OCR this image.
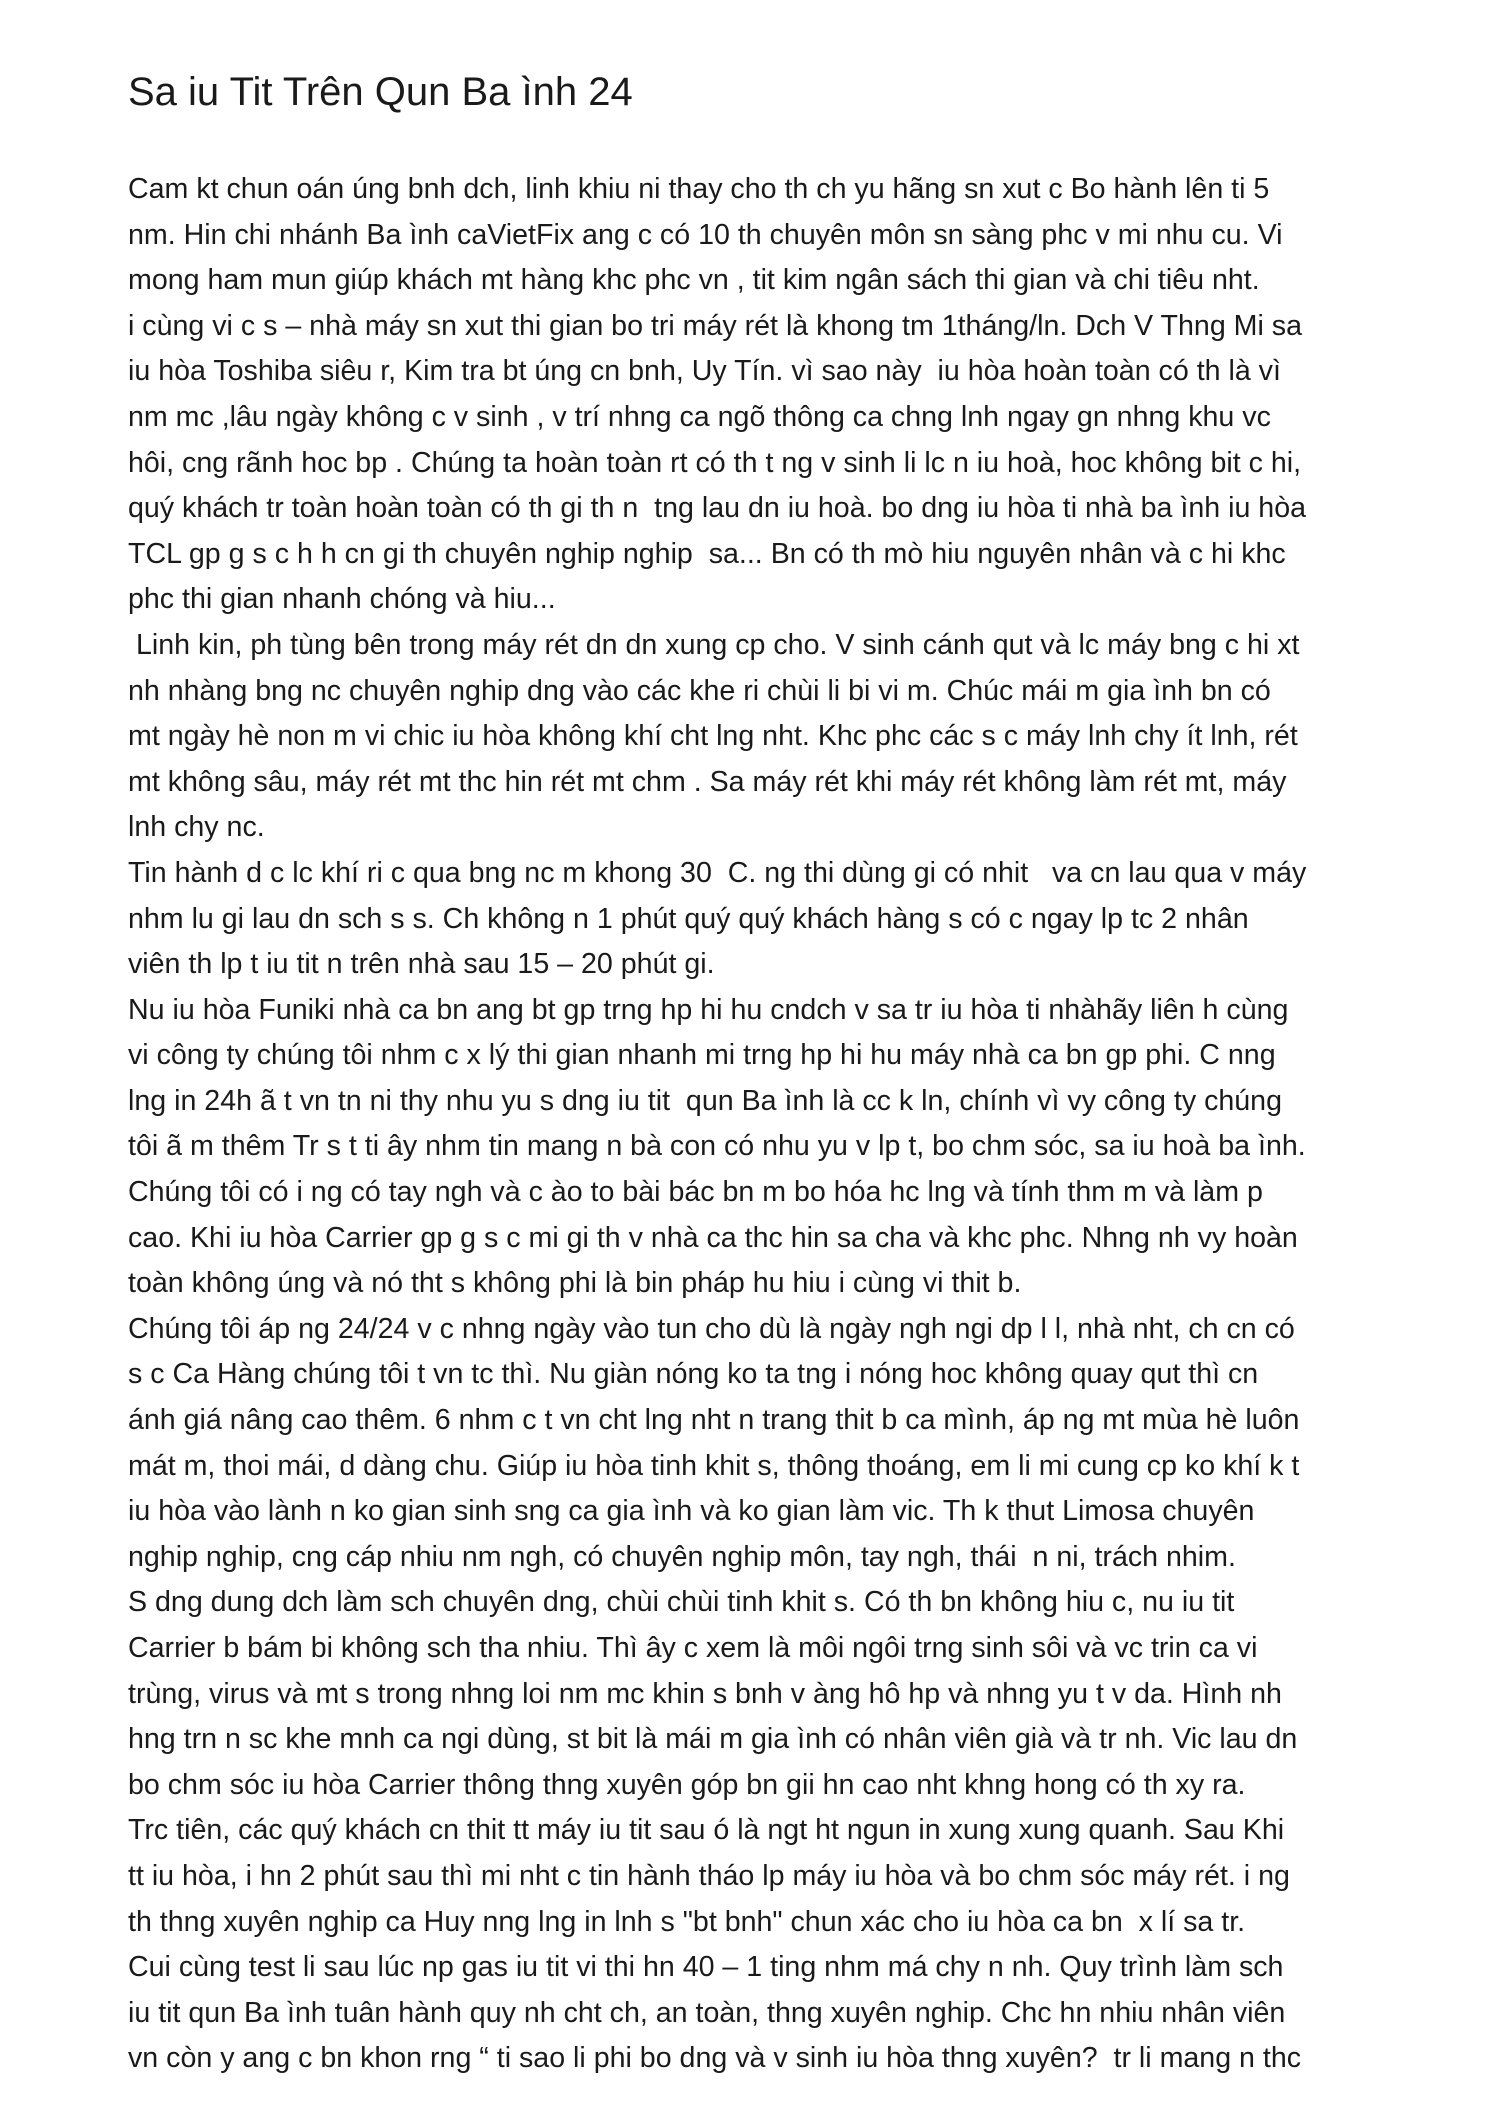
Sa iu Tit Trên Qun Ba ình 24
Cam kt chun oán úng bnh dch, linh khiu ni thay cho th ch yu hãng sn xut c Bo hành lên ti 5
nm. Hin chi nhánh Ba ình caVietFix ang c có 10 th chuyên môn sn sàng phc v mi nhu cu. Vi
mong ham mun giúp khách mt hàng khc phc vn , tit kim ngân sách thi gian và chi tiêu nht.
i cùng vi c s – nhà máy sn xut thi gian bo tri máy rét là khong tm 1tháng/ln. Dch V Thng Mi sa
iu hòa Toshiba siêu r, Kim tra bt úng cn bnh, Uy Tín. vì sao này  iu hòa hoàn toàn có th là vì
nm mc ,lâu ngày không c v sinh , v trí nhng ca ngõ thông ca chng lnh ngay gn nhng khu vc
hôi, cng rãnh hoc bp . Chúng ta hoàn toàn rt có th t ng v sinh li lc n iu hoà, hoc không bit c hi,
quý khách tr toàn hoàn toàn có th gi th n  tng lau dn iu hoà. bo dng iu hòa ti nhà ba ình iu hòa
TCL gp g s c h h cn gi th chuyên nghip nghip  sa... Bn có th mò hiu nguyên nhân và c hi khc
phc thi gian nhanh chóng và hiu...
Linh kin, ph tùng bên trong máy rét dn dn xung cp cho. V sinh cánh qut và lc máy bng c hi xt
nh nhàng bng nc chuyên nghip dng vào các khe ri chùi li bi vi m. Chúc mái m gia ình bn có
mt ngày hè non m vi chic iu hòa không khí cht lng nht. Khc phc các s c máy lnh chy ít lnh, rét
mt không sâu, máy rét mt thc hin rét mt chm . Sa máy rét khi máy rét không làm rét mt, máy
lnh chy nc.
Tin hành d c lc khí ri c qua bng nc m khong 30  C. ng thi dùng gi có nhit   va cn lau qua v máy
nhm lu gi lau dn sch s s. Ch không n 1 phút quý quý khách hàng s có c ngay lp tc 2 nhân
viên th lp t iu tit n trên nhà sau 15 – 20 phút gi.
Nu iu hòa Funiki nhà ca bn ang bt gp trng hp hi hu cndch v sa tr iu hòa ti nhàhãy liên h cùng
vi công ty chúng tôi nhm c x lý thi gian nhanh mi trng hp hi hu máy nhà ca bn gp phi. C nng
lng in 24h ã t vn tn ni thy nhu yu s dng iu tit  qun Ba ình là cc k ln, chính vì vy công ty chúng
tôi ã m thêm Tr s t ti ây nhm tin mang n bà con có nhu yu v lp t, bo chm sóc, sa iu hoà ba ình.
Chúng tôi có i ng có tay ngh và c ào to bài bác bn m bo hóa hc lng và tính thm m và làm p
cao. Khi iu hòa Carrier gp g s c mi gi th v nhà ca thc hin sa cha và khc phc. Nhng nh vy hoàn
toàn không úng và nó tht s không phi là bin pháp hu hiu i cùng vi thit b.
Chúng tôi áp ng 24/24 v c nhng ngày vào tun cho dù là ngày ngh ngi dp l l, nhà nht, ch cn có
s c Ca Hàng chúng tôi t vn tc thì. Nu giàn nóng ko ta tng i nóng hoc không quay qut thì cn
ánh giá nâng cao thêm. 6 nhm c t vn cht lng nht n trang thit b ca mình, áp ng mt mùa hè luôn
mát m, thoi mái, d dàng chu. Giúp iu hòa tinh khit s, thông thoáng, em li mi cung cp ko khí k t
iu hòa vào lành n ko gian sinh sng ca gia ình và ko gian làm vic. Th k thut Limosa chuyên
nghip nghip, cng cáp nhiu nm ngh, có chuyên nghip môn, tay ngh, thái  n ni, trách nhim.
S dng dung dch làm sch chuyên dng, chùi chùi tinh khit s. Có th bn không hiu c, nu iu tit
Carrier b bám bi không sch tha nhiu. Thì ây c xem là môi ngôi trng sinh sôi và vc trin ca vi
trùng, virus và mt s trong nhng loi nm mc khin s bnh v àng hô hp và nhng yu t v da. Hình nh
hng trn n sc khe mnh ca ngi dùng, st bit là mái m gia ình có nhân viên già và tr nh. Vic lau dn
bo chm sóc iu hòa Carrier thông thng xuyên góp bn gii hn cao nht khng hong có th xy ra.
Trc tiên, các quý khách cn thit tt máy iu tit sau ó là ngt ht ngun in xung xung quanh. Sau Khi
tt iu hòa, i hn 2 phút sau thì mi nht c tin hành tháo lp máy iu hòa và bo chm sóc máy rét. i ng
th thng xuyên nghip ca Huy nng lng in lnh s "bt bnh" chun xác cho iu hòa ca bn  x lí sa tr.
Cui cùng test li sau lúc np gas iu tit vi thi hn 40 – 1 ting nhm má chy n nh. Quy trình làm sch
iu tit qun Ba ình tuân hành quy nh cht ch, an toàn, thng xuyên nghip. Chc hn nhiu nhân viên
vn còn y ang c bn khon rng “ ti sao li phi bo dng và v sinh iu hòa thng xuyên?  tr li mang n thc
